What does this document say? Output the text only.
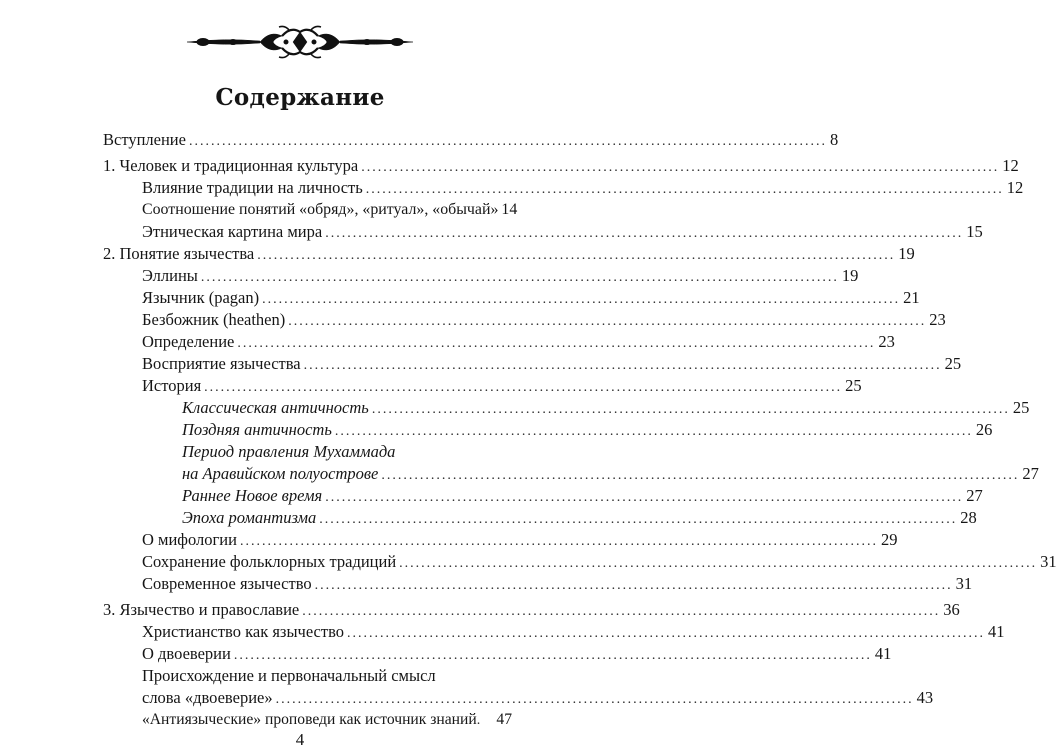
Содержание
Вступление .................................................................................................................... 8
1. Человек и традиционная культура .................................................................................................................... 12
Влияние традиции на личность .................................................................................................................... 12
Соотношение понятий «обряд», «ритуал», «обычай» 14
Этническая картина мира .................................................................................................................... 15
2. Понятие язычества .................................................................................................................... 19
Эллины .................................................................................................................... 19
Язычник (pagan) .................................................................................................................... 21
Безбожник (heathen) .................................................................................................................... 23
Определение .................................................................................................................... 23
Восприятие язычества .................................................................................................................... 25
История .................................................................................................................... 25
Классическая античность .................................................................................................................... 25
Поздняя античность .................................................................................................................... 26
Период правления Мухаммада
на Аравийском полуострове .................................................................................................................... 27
Раннее Новое время .................................................................................................................... 27
Эпоха романтизма .................................................................................................................... 28
О мифологии .................................................................................................................... 29
Сохранение фольклорных традиций .................................................................................................................... 31
Современное язычество .................................................................................................................... 31
3. Язычество и православие .................................................................................................................... 36
Христианство как язычество .................................................................................................................... 41
О двоеверии .................................................................................................................... 41
Происхождение и первоначальный смысл
слова «двоеверие» .................................................................................................................... 43
«Антиязыческие» проповеди как источник знаний . 47
4
